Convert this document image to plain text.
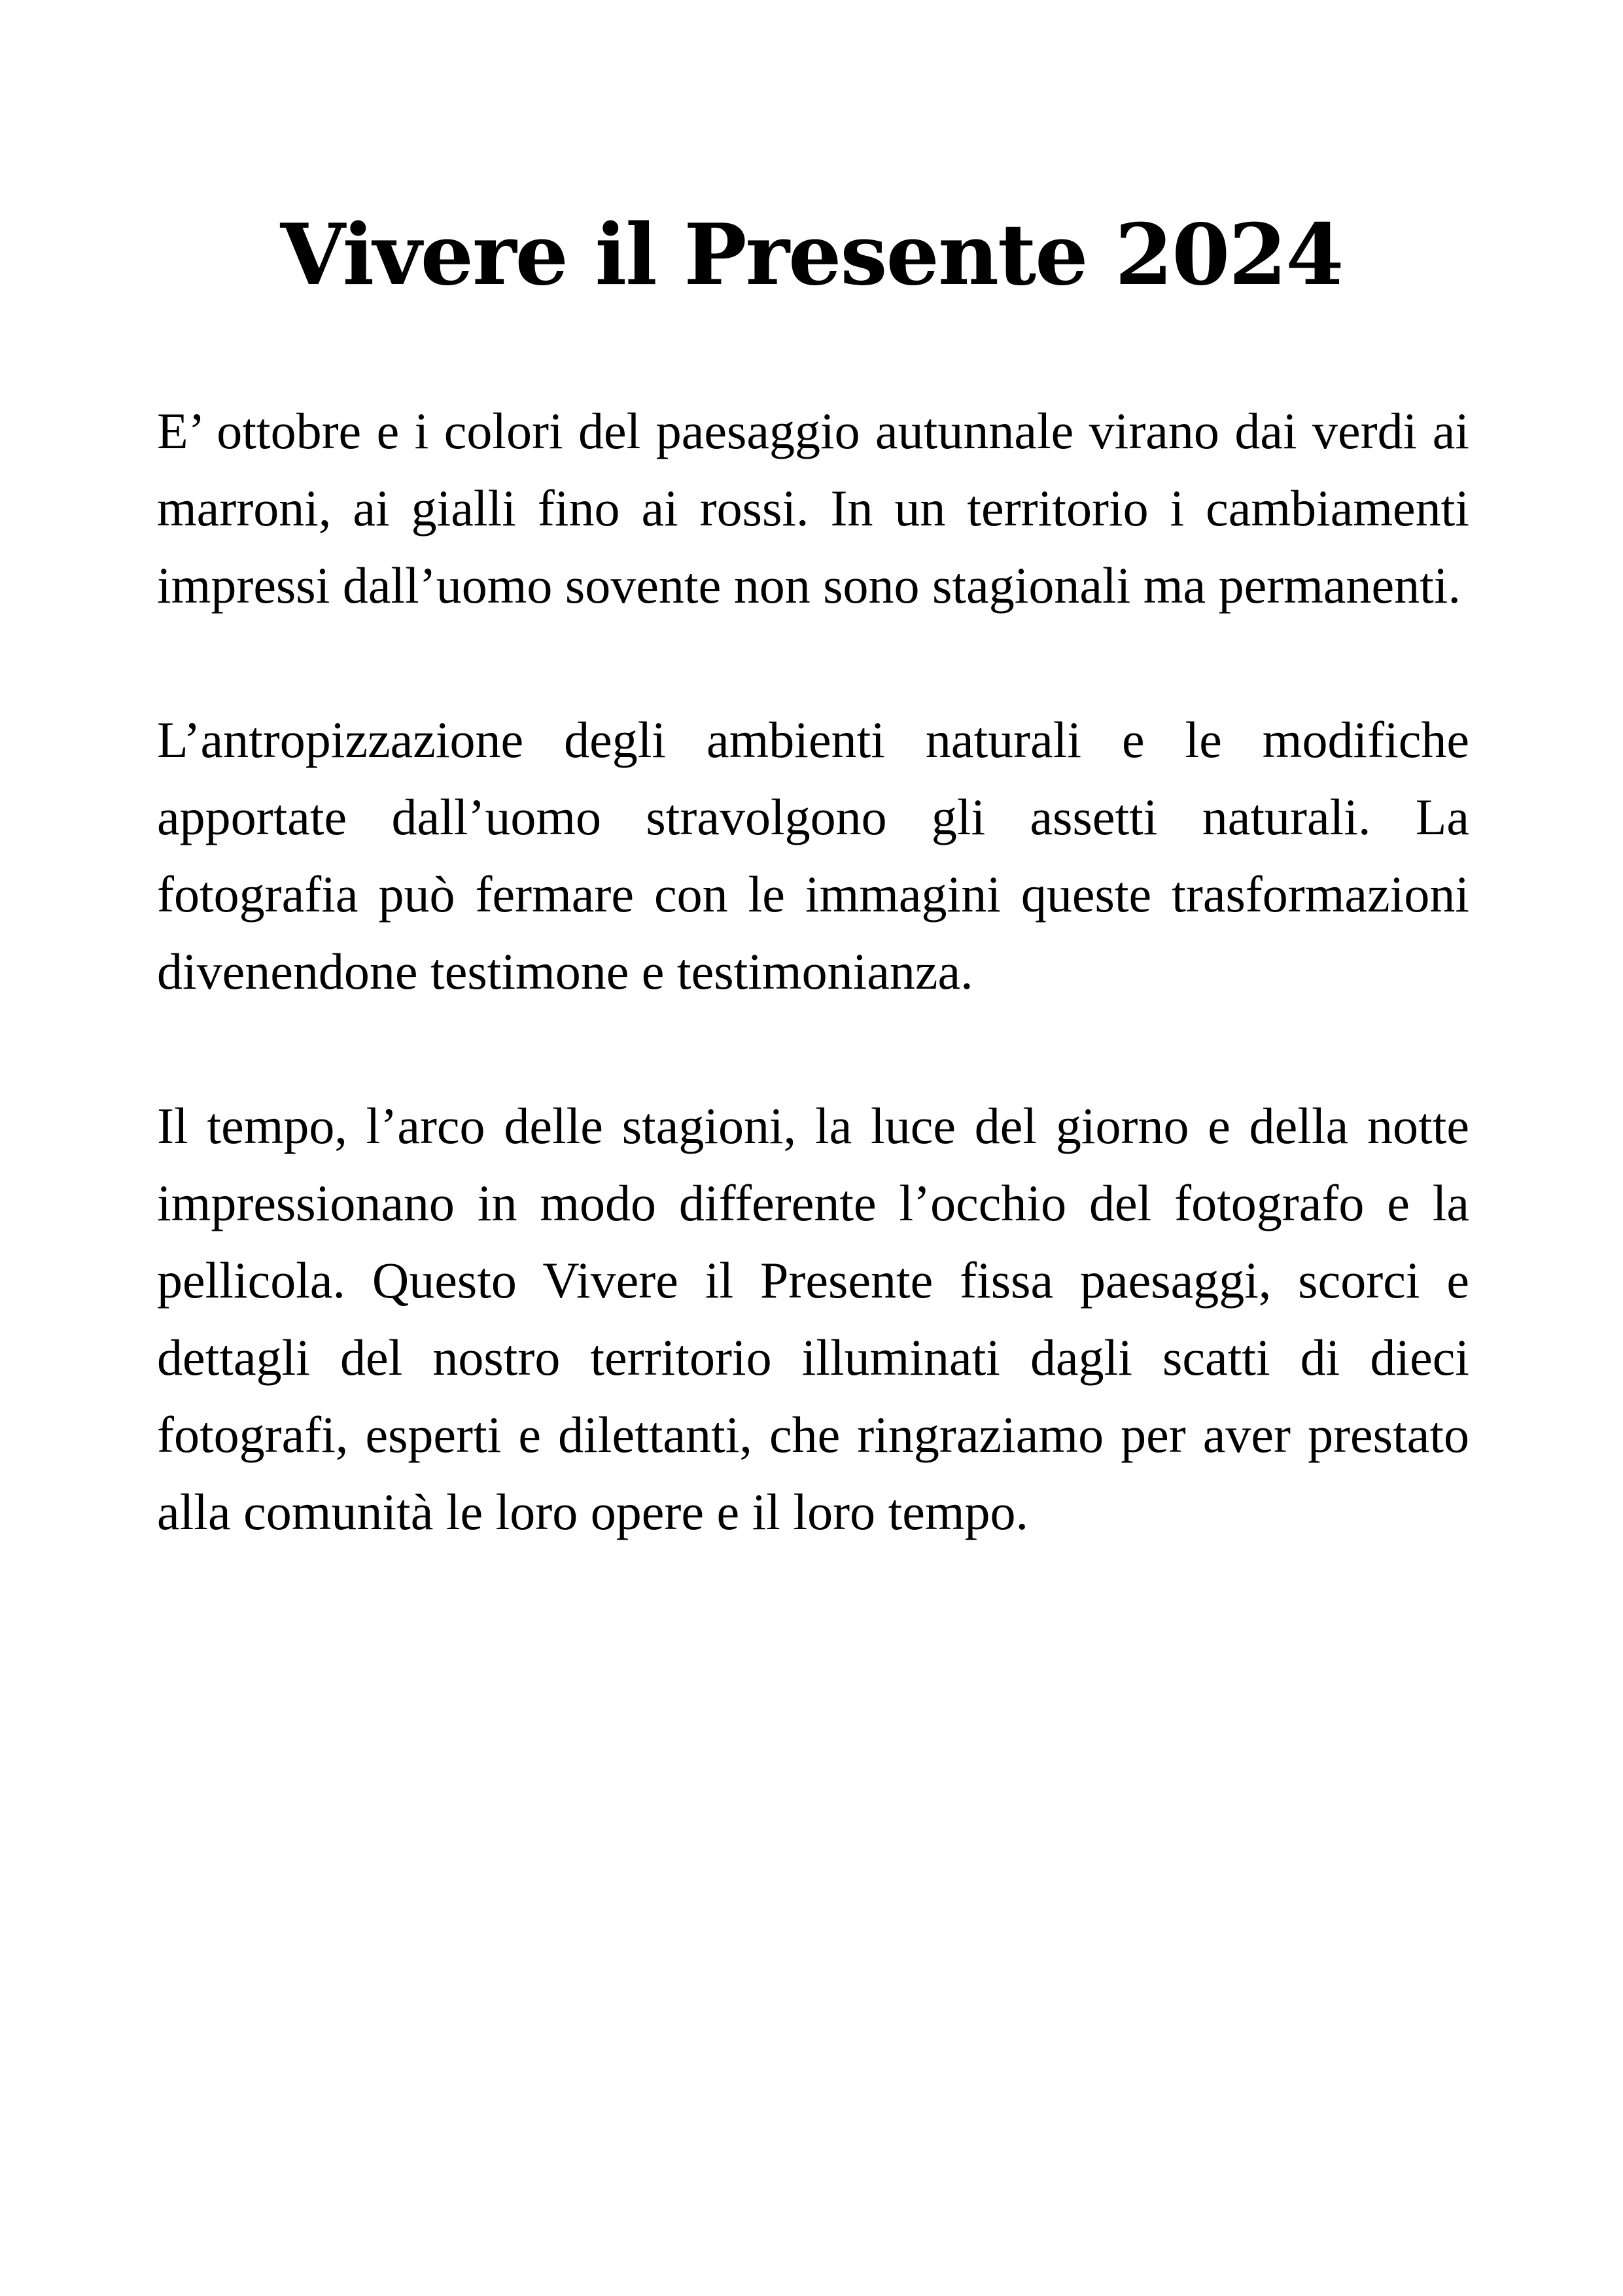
Vivere il Presente 2024

E’ ottobre e i colori del paesaggio autunnale virano dai verdi ai marroni, ai gialli fino ai rossi. In un territorio i cambiamenti impressi dall’uomo sovente non sono stagionali ma permanenti.

L’antropizzazione degli ambienti naturali e le modifiche apportate dall’uomo stravolgono gli assetti naturali. La fotografia può fermare con le immagini queste trasformazioni divenendone testimone e testimonianza.

Il tempo, l’arco delle stagioni, la luce del giorno e della notte impressionano in modo differente l’occhio del fotografo e la pellicola. Questo Vivere il Presente fissa paesaggi, scorci e dettagli del nostro territorio illuminati dagli scatti di dieci fotografi, esperti e dilettanti, che ringraziamo per aver prestato alla comunità le loro opere e il loro tempo.
